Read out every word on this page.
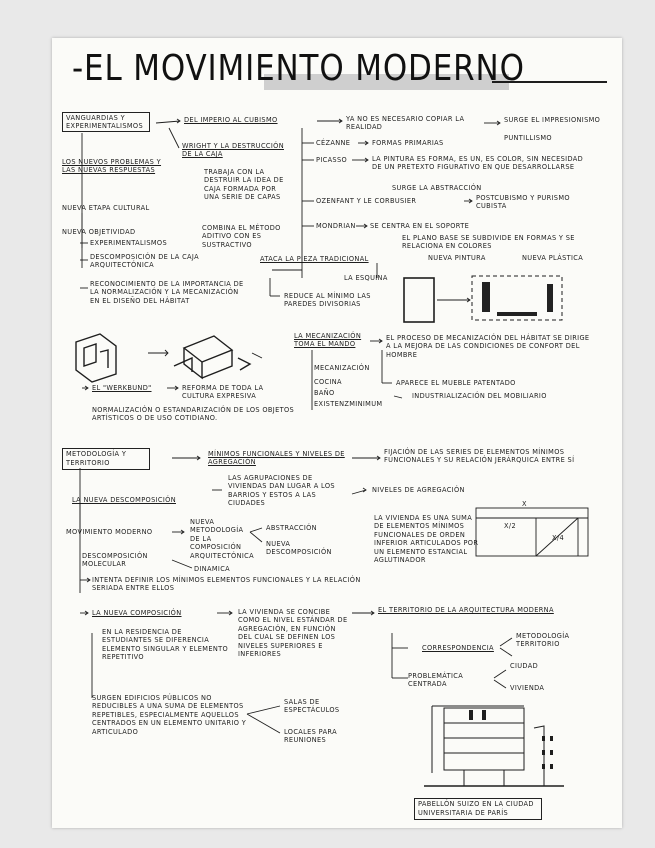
-EL MOVIMIENTO MODERNO
VANGUARDIAS Y EXPERIMENTALISMOS
DEL IMPERIO AL CUBISMO	YA NO ES NECESARIO COPIAR LA REALIDAD
SURGE EL IMPRESIONISMO
PUNTILLISMO
WRIGHT Y LA DESTRUCCIÓN DE LA CAJA
TRABAJA CON LA DESTRUIR LA IDEA DE CAJA FORMADA POR UNA SERIE DE CAPAS
COMBINA EL MÉTODO ADITIVO CON ES SUSTRACTIVO
ATACA LA PIEZA TRADICIONAL
LA ESQUINA
REDUCE AL MÍNIMO LAS PAREDES DIVISORIAS
LOS NUEVOS PROBLEMAS Y LAS NUEVAS RESPUESTAS
NUEVA ETAPA CULTURAL
NUEVA OBJETIVIDAD
EXPERIMENTALISMOS
DESCOMPOSICIÓN DE LA CAJA ARQUITECTÓNICA
RECONOCIMIENTO DE LA IMPORTANCIA DE LA NORMALIZACIÓN Y LA MECANIZACIÓN EN EL DISEÑO DEL HÁBITAT
CÉZANNE	FORMAS PRIMARIAS
PICASSO	LA PINTURA ES FORMA, ES UN, ES COLOR, SIN NECESIDAD DE UN PRETEXTO FIGURATIVO EN QUE DESARROLLARSE
SURGE LA ABSTRACCIÓN
OZENFANT Y LE CORBUSIER	POSTCUBISMO Y PURISMO CUBISTA
MONDRIAN SE CENTRA EN EL SOPORTE
EL PLANO BASE SE SUBDIVIDE EN FORMAS Y SE RELACIONA EN COLORES
NUEVA PINTURA	NUEVA PLÁSTICA
LA MECANIZACIÓN TOMA EL MANDO
MECANIZACIÓN
COCINA
BAÑO
EXISTENZMINIMUM
EL PROCESO DE MECANIZACIÓN DEL HÁBITAT SE DIRIGE A LA MEJORA DE LAS CONDICIONES DE CONFORT DEL HOMBRE
APARECE EL MUEBLE PATENTADO
INDUSTRIALIZACIÓN DEL MOBILIARIO
EL "WERKBUND"	REFORMA DE TODA LA CULTURA EXPRESIVA
NORMALIZACIÓN O ESTANDARIZACIÓN DE LOS OBJETOS ARTÍSTICOS O DE USO COTIDIANO.
METODOLOGÍA Y TERRITORIO
MÍNIMOS FUNCIONALES Y NIVELES DE AGREGACIÓN
LAS AGRUPACIONES DE VIVIENDAS DAN LUGAR A LOS BARRIOS Y ESTOS A LAS CIUDADES
FIJACIÓN DE LAS SERIES DE ELEMENTOS MÍNIMOS FUNCIONALES Y SU RELACIÓN JERÁRQUICA ENTRE SÍ
NIVELES DE AGREGACIÓN
LA NUEVA DESCOMPOSICIÓN
MOVIMIENTO MODERNO
NUEVA METODOLOGÍA DE LA COMPOSICIÓN ARQUITECTÓNICA
ABSTRACCIÓN
NUEVA DESCOMPOSICIÓN
DESCOMPOSICIÓN MOLECULAR
DINAMICA
INTENTA DEFINIR LOS MÍNIMOS ELEMENTOS FUNCIONALES Y LA RELACIÓN SERIADA ENTRE ELLOS
LA VIVIENDA ES UNA SUMA DE ELEMENTOS MÍNIMOS FUNCIONALES DE ORDEN INFERIOR ARTICULADOS POR UN ELEMENTO ESTANCIAL AGLUTINADOR
X
X/2
X/4
LA NUEVA COMPOSICIÓN
EN LA RESIDENCIA DE ESTUDIANTES SE DIFERENCIA ELEMENTO SINGULAR Y ELEMENTO REPETITIVO
LA VIVIENDA SE CONCIBE COMO EL NIVEL ESTÁNDAR DE AGREGACIÓN, EN FUNCIÓN DEL CUAL SE DEFINEN LOS NIVELES SUPERIORES E INFERIORES
EL TERRITORIO DE LA ARQUITECTURA MODERNA
CORRESPONDENCIA
METODOLOGÍA TERRITORIO
PROBLEMÁTICA CENTRADA
CIUDAD
VIVIENDA
SURGEN EDIFICIOS PÚBLICOS NO REDUCIBLES A UNA SUMA DE ELEMENTOS REPETIBLES, ESPECIALMENTE AQUELLOS CENTRADOS EN UN ELEMENTO UNITARIO Y ARTICULADO
SALAS DE ESPECTÁCULOS
LOCALES PARA REUNIONES
PABELLÓN SUIZO EN LA CIUDAD UNIVERSITARIA DE PARÍS
